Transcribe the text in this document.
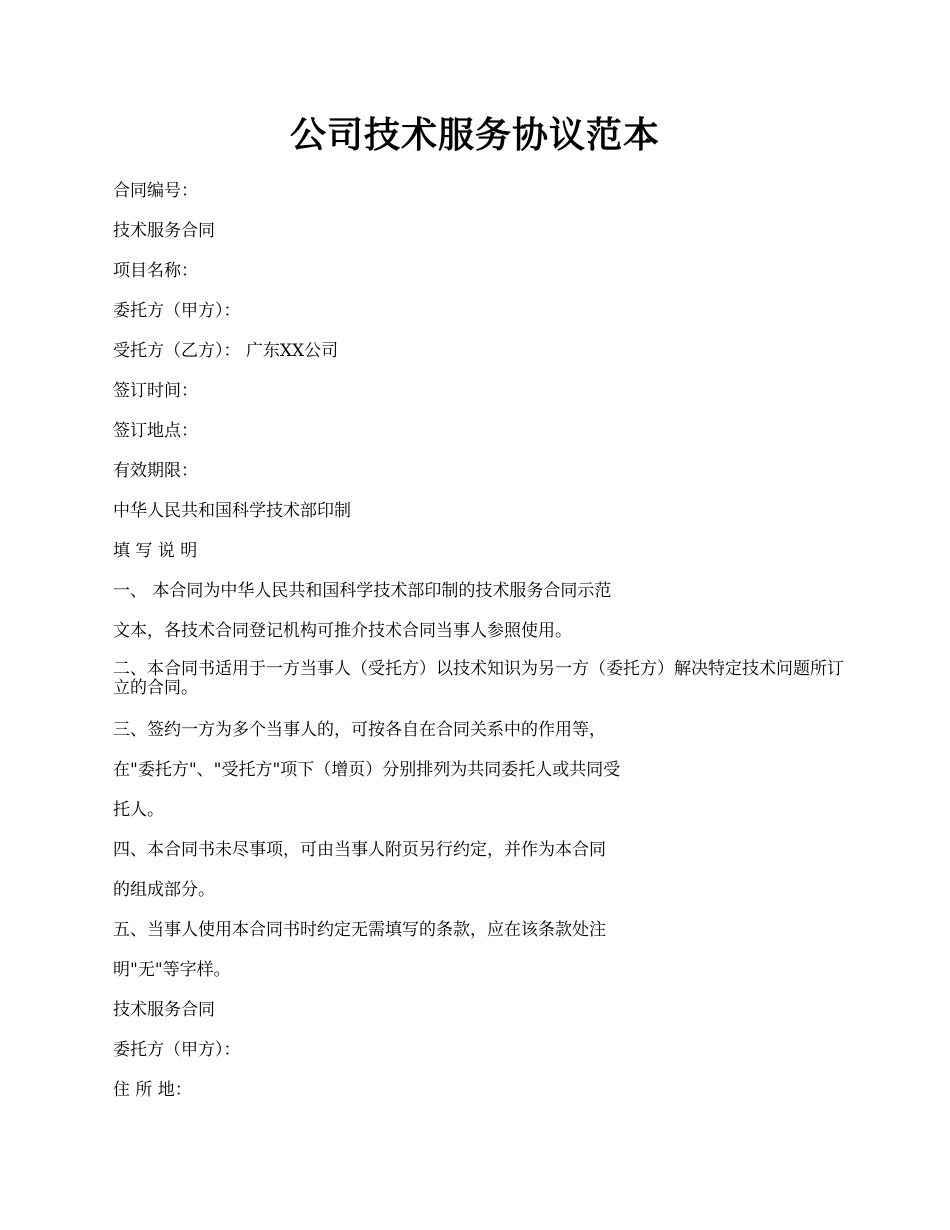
公司技术服务协议范本
合同编号：
技术服务合同
项目名称：
委托方（甲方）：
受托方（乙方）： 广东XX公司
签订时间：
签订地点：
有效期限：
中华人民共和国科学技术部印制
填 写 说 明
一、 本合同为中华人民共和国科学技术部印制的技术服务合同示范
文本，各技术合同登记机构可推介技术合同当事人参照使用。
二、本合同书适用于一方当事人（受托方）以技术知识为另一方（委托方）解决特定技术问题所订立的合同。
三、签约一方为多个当事人的，可按各自在合同关系中的作用等，
在"委托方"、"受托方"项下（增页）分别排列为共同委托人或共同受
托人。
四、本合同书未尽事项，可由当事人附页另行约定，并作为本合同
的组成部分。
五、当事人使用本合同书时约定无需填写的条款，应在该条款处注
明"无"等字样。
技术服务合同
委托方（甲方）：
住 所 地：
